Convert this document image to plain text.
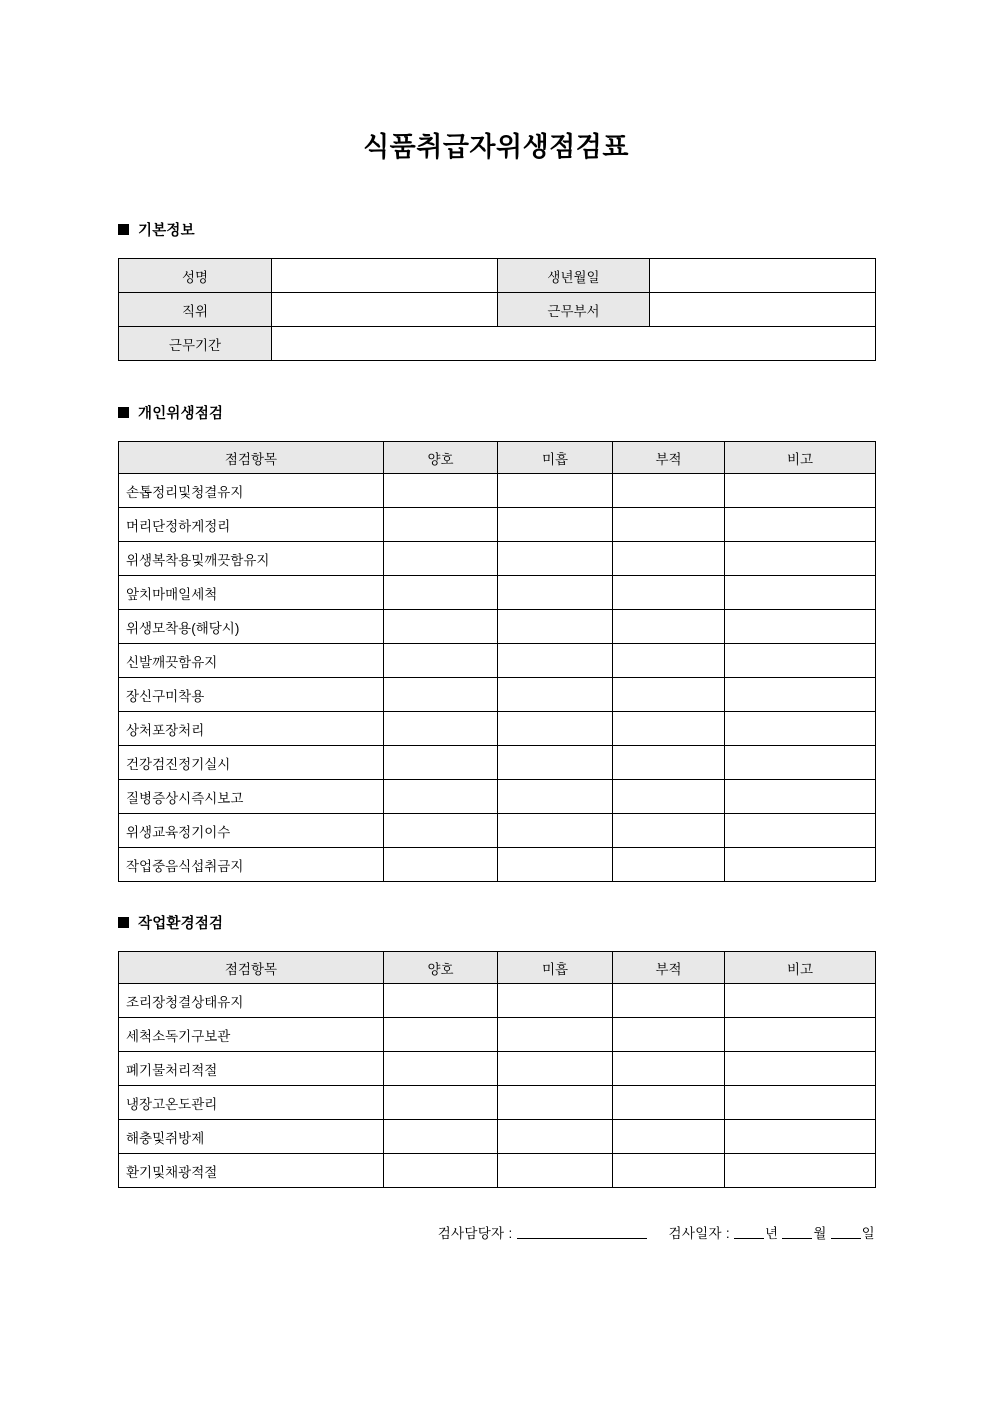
식품취급자위생점검표
기본정보
성명		생년월일	
직위		근무부서	
근무기간			
개인위생점검
점검항목	양호	미흡	부적	비고
손톱정리및청결유지				
머리단정하게정리				
위생복착용및깨끗함유지				
앞치마매일세척				
위생모착용(해당시)				
신발깨끗함유지				
장신구미착용				
상처포장처리				
건강검진정기실시				
질병증상시즉시보고				
위생교육정기이수				
작업중음식섭취금지				
작업환경점검
점검항목	양호	미흡	부적	비고
조리장청결상태유지				
세척소독기구보관				
폐기물처리적절				
냉장고온도관리				
해충및쥐방제				
환기및채광적절				
검사담당자 :	검사일자 :	년	월	일
